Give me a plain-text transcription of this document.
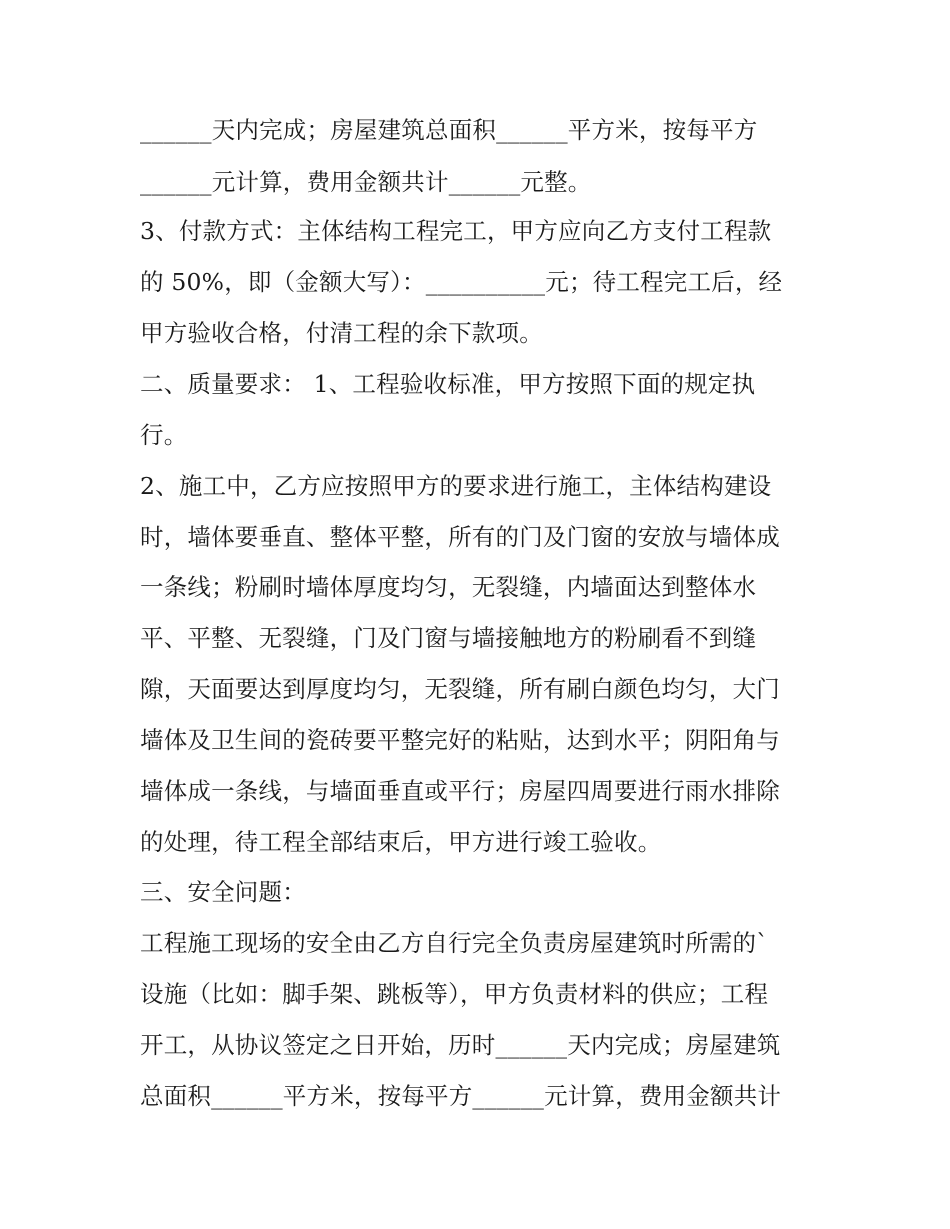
______天内完成；房屋建筑总面积______平方米，按每平方
______元计算，费用金额共计______元整。
3、付款方式：主体结构工程完工，甲方应向乙方支付工程款
的 50%，即（金额大写）：__________元；待工程完工后，经
甲方验收合格，付清工程的余下款项。
二、质量要求： 1、工程验收标准，甲方按照下面的规定执
行。
2、施工中，乙方应按照甲方的要求进行施工，主体结构建设
时，墙体要垂直、整体平整，所有的门及门窗的安放与墙体成
一条线；粉刷时墙体厚度均匀，无裂缝，内墙面达到整体水
平、平整、无裂缝，门及门窗与墙接触地方的粉刷看不到缝
隙，天面要达到厚度均匀，无裂缝，所有刷白颜色均匀，大门
墙体及卫生间的瓷砖要平整完好的粘贴，达到水平；阴阳角与
墙体成一条线，与墙面垂直或平行；房屋四周要进行雨水排除
的处理，待工程全部结束后，甲方进行竣工验收。
三、安全问题：
工程施工现场的安全由乙方自行完全负责房屋建筑时所需的`
设施（比如：脚手架、跳板等），甲方负责材料的供应；工程
开工，从协议签定之日开始，历时______天内完成；房屋建筑
总面积______平方米，按每平方______元计算，费用金额共计
